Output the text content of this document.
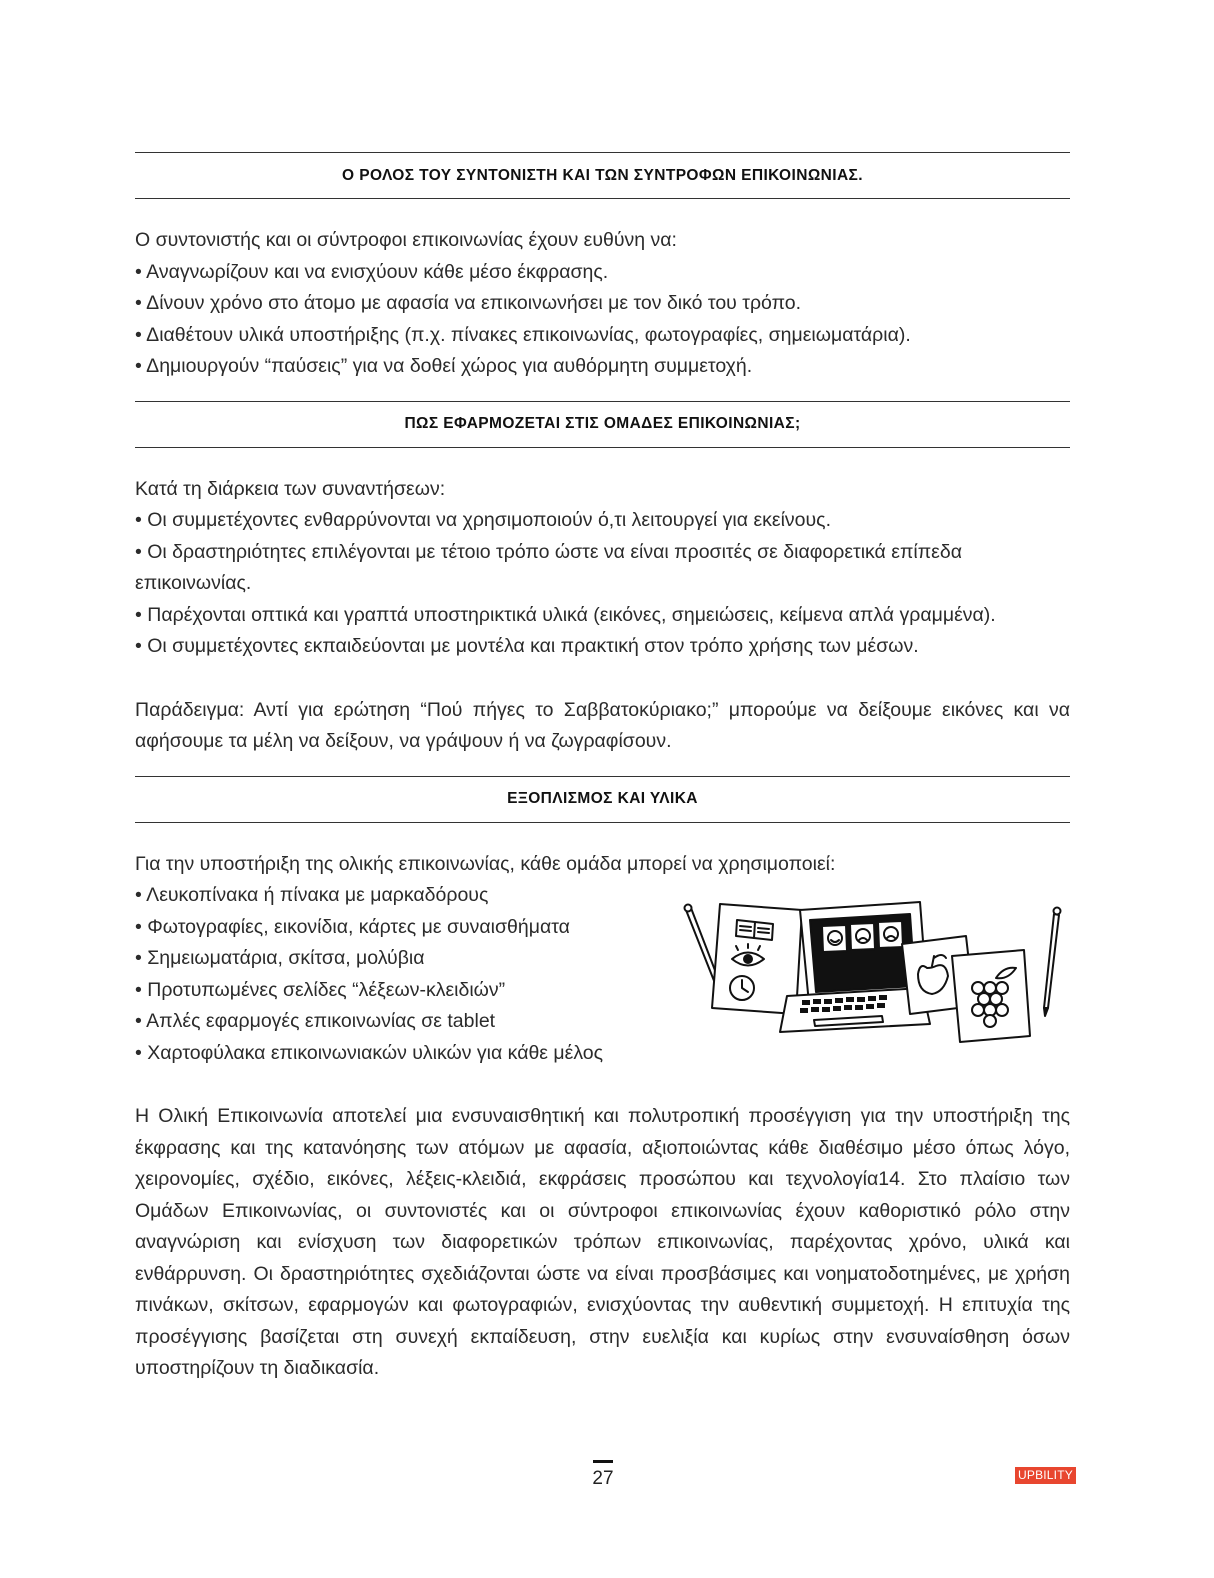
Ο ΡΟΛΟΣ ΤΟΥ ΣΥΝΤΟΝΙΣΤΗ ΚΑΙ ΤΩΝ ΣΥΝΤΡΟΦΩΝ ΕΠΙΚΟΙΝΩΝΙΑΣ.

Ο συντονιστής και οι σύντροφοι επικοινωνίας έχουν ευθύνη να:
• Αναγνωρίζουν και να ενισχύουν κάθε μέσο έκφρασης.
• Δίνουν χρόνο στο άτομο με αφασία να επικοινωνήσει με τον δικό του τρόπο.
• Διαθέτουν υλικά υποστήριξης (π.χ. πίνακες επικοινωνίας, φωτογραφίες, σημειωματάρια).
• Δημιουργούν “παύσεις” για να δοθεί χώρος για αυθόρμητη συμμετοχή.

ΠΩΣ ΕΦΑΡΜΟΖΕΤΑΙ ΣΤΙΣ ΟΜΑΔΕΣ ΕΠΙΚΟΙΝΩΝΙΑΣ;

Κατά τη διάρκεια των συναντήσεων:
• Οι συμμετέχοντες ενθαρρύνονται να χρησιμοποιούν ό,τι λειτουργεί για εκείνους.
• Οι δραστηριότητες επιλέγονται με τέτοιο τρόπο ώστε να είναι προσιτές σε διαφορετικά επίπεδα επικοινωνίας.
• Παρέχονται οπτικά και γραπτά υποστηρικτικά υλικά (εικόνες, σημειώσεις, κείμενα απλά γραμμένα).
• Οι συμμετέχοντες εκπαιδεύονται με μοντέλα και πρακτική στον τρόπο χρήσης των μέσων.

Παράδειγμα: Αντί για ερώτηση “Πού πήγες το Σαββατοκύριακο;” μπορούμε να δείξουμε εικόνες και να αφήσουμε τα μέλη να δείξουν, να γράψουν ή να ζωγραφίσουν.

ΕΞΟΠΛΙΣΜΟΣ ΚΑΙ ΥΛΙΚΑ

Για την υποστήριξη της ολικής επικοινωνίας, κάθε ομάδα μπορεί να χρησιμοποιεί:
• Λευκοπίνακα ή πίνακα με μαρκαδόρους
• Φωτογραφίες, εικονίδια, κάρτες με συναισθήματα
• Σημειωματάρια, σκίτσα, μολύβια
• Προτυπωμένες σελίδες “λέξεων-κλειδιών”
• Απλές εφαρμογές επικοινωνίας σε tablet
• Χαρτοφύλακα επικοινωνιακών υλικών για κάθε μέλος

Η Ολική Επικοινωνία αποτελεί μια ενσυναισθητική και πολυτροπική προσέγγιση για την υποστήριξη της έκφρασης και της κατανόησης των ατόμων με αφασία, αξιοποιώντας κάθε διαθέσιμο μέσο όπως λόγο, χειρονομίες, σχέδιο, εικόνες, λέξεις-κλειδιά, εκφράσεις προσώπου και τεχνολογία14. Στο πλαίσιο των Ομάδων Επικοινωνίας, οι συντονιστές και οι σύντροφοι επικοινωνίας έχουν καθοριστικό ρόλο στην αναγνώριση και ενίσχυση των διαφορετικών τρόπων επικοινωνίας, παρέχοντας χρόνο, υλικά και ενθάρρυνση. Οι δραστηριότητες σχεδιάζονται ώστε να είναι προσβάσιμες και νοηματοδοτημένες, με χρήση πινάκων, σκίτσων, εφαρμογών και φωτογραφιών, ενισχύοντας την αυθεντική συμμετοχή. Η επιτυχία της προσέγγισης βασίζεται στη συνεχή εκπαίδευση, στην ευελιξία και κυρίως στην ενσυναίσθηση όσων υποστηρίζουν τη διαδικασία.

27	UPBILITY
